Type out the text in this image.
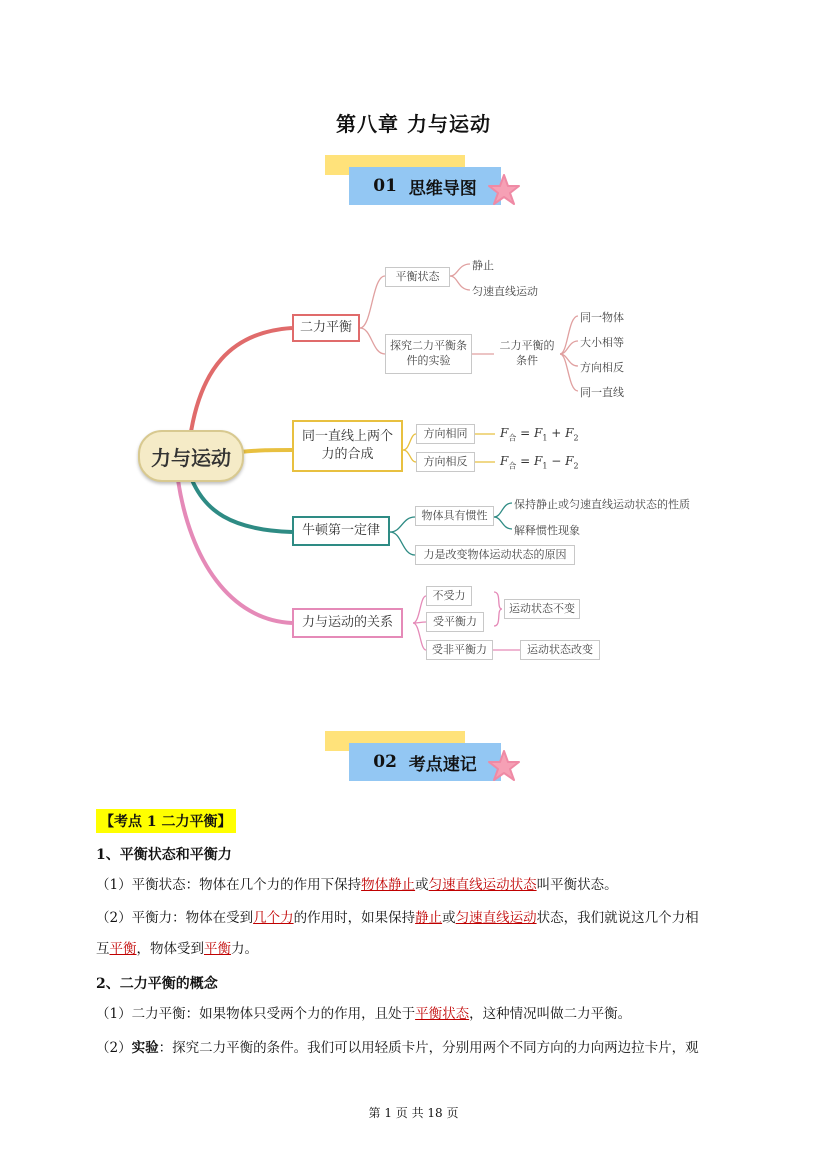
第八章 力与运动
01
思维导图
力与运动
二力平衡
平衡状态
静止
匀速直线运动
探究二力平衡条件的实验
二力平衡的条件
同一物体
大小相等
方向相反
同一直线
同一直线上两个力的合成
方向相同
方向相反
$F_合 = F_1 + F_2$
$F_合 = F_1 - F_2$
牛顿第一定律
物体具有惯性
保持静止或匀速直线运动状态的性质
解释惯性现象
力是改变物体运动状态的原因
力与运动的关系
不受力
受平衡力
运动状态不变
受非平衡力	运动状态改变
02
考点速记
【考点 1 二力平衡】
1、平衡状态和平衡力
（1）平衡状态：物体在几个力的作用下保持物体静止或匀速直线运动状态叫平衡状态。
（2）平衡力：物体在受到几个力的作用时，如果保持静止或匀速直线运动状态，我们就说这几个力相
互平衡，物体受到平衡力。
2、二力平衡的概念
（1）二力平衡：如果物体只受两个力的作用，且处于平衡状态，这种情况叫做二力平衡。
（2）实验：探究二力平衡的条件。我们可以用轻质卡片，分别用两个不同方向的力向两边拉卡片，观
第 1 页 共 18 页
